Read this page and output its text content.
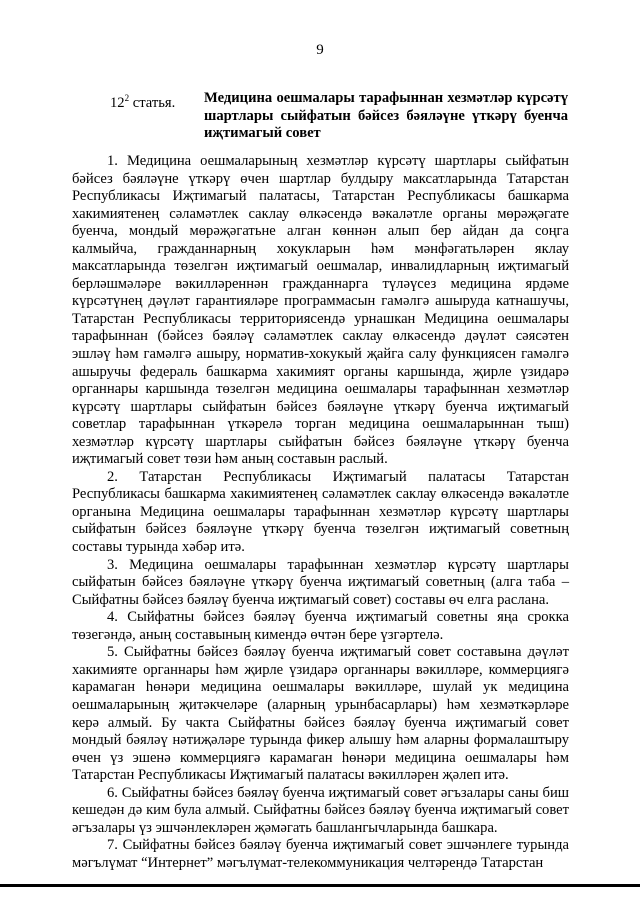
9
$12^2$ статья.	Медицина оешмалары тарафыннан хезмәтләр күрсәтү шартлары сыйфатын бәйсез бәяләүне үткәрү буенча иҗтимагый совет

1. Медицина оешмаларының хезмәтләр күрсәтү шартлары сыйфатын бәйсез бәяләүне үткәрү өчен шартлар булдыру максатларында Татарстан Республикасы Иҗтимагый палатасы, Татарстан Республикасы башкарма хакимиятенең сәламәтлек саклау өлкәсендә вәкаләтле органы мөрәҗәгате буенча, мондый мөрәҗәгатьне алган көннән алып бер айдан да соңга калмыйча, гражданнарның хокукларын һәм мәнфәгатьләрен яклау максатларында төзелгән иҗтимагый оешмалар, инвалидларның иҗтимагый берләшмәләре вәкилләреннән гражданнарга түләүсез медицина ярдәме күрсәтүнең дәүләт гарантияләре программасын гамәлгә ашыруда катнашучы, Татарстан Республикасы территориясендә урнашкан Медицина оешмалары тарафыннан (бәйсез бәяләү сәламәтлек саклау өлкәсендә дәүләт сәясәтен эшләү һәм гамәлгә ашыру, норматив-хокукый җайга салу функциясен гамәлгә ашыручы федераль башкарма хакимият органы каршында, җирле үзидарә органнары каршында төзелгән медицина оешмалары тарафыннан хезмәтләр күрсәтү шартлары сыйфатын бәйсез бәяләүне үткәрү буенча иҗтимагый советлар тарафыннан үткәрелә торган медицина оешмаларыннан тыш) хезмәтләр күрсәтү шартлары сыйфатын бәйсез бәяләүне үткәрү буенча иҗтимагый совет төзи һәм аның составын раслый.

2. Татарстан Республикасы Иҗтимагый палатасы Татарстан Республикасы башкарма хакимиятенең сәламәтлек саклау өлкәсендә вәкаләтле органына Медицина оешмалары тарафыннан хезмәтләр күрсәтү шартлары сыйфатын бәйсез бәяләүне үткәрү буенча төзелгән иҗтимагый советның составы турында хәбәр итә.

3. Медицина оешмалары тарафыннан хезмәтләр күрсәтү шартлары сыйфатын бәйсез бәяләүне үткәрү буенча иҗтимагый советның (алга таба – Сыйфатны бәйсез бәяләү буенча иҗтимагый совет) составы өч елга раслана.

4. Сыйфатны бәйсез бәяләү буенча иҗтимагый советны яңа срокка төзегәндә, аның составының кимендә өчтән бере үзгәртелә.

5. Сыйфатны бәйсез бәяләү буенча иҗтимагый совет составына дәүләт хакимияте органнары һәм җирле үзидарә органнары вәкилләре, коммерциягә карамаган һөнәри медицина оешмалары вәкилләре, шулай ук медицина оешмаларының җитәкчеләре (аларның урынбасарлары) һәм хезмәткәрләре керә алмый. Бу чакта Сыйфатны бәйсез бәяләү буенча иҗтимагый совет мондый бәяләү нәтиҗәләре турында фикер алышу һәм аларны формалаштыру өчен үз эшенә коммерциягә карамаган һөнәри медицина оешмалары һәм Татарстан Республикасы Иҗтимагый палатасы вәкилләрен җәлеп итә.

6. Сыйфатны бәйсез бәяләү буенча иҗтимагый совет әгъзалары саны биш кешедән дә ким була алмый. Сыйфатны бәйсез бәяләү буенча иҗтимагый совет әгъзалары үз эшчәнлекләрен җәмәгать башлангычларында башкара.

7. Сыйфатны бәйсез бәяләү буенча иҗтимагый совет эшчәнлеге турында мәгълүмат “Интернет” мәгълүмат-телекоммуникация челтәрендә Татарстан
